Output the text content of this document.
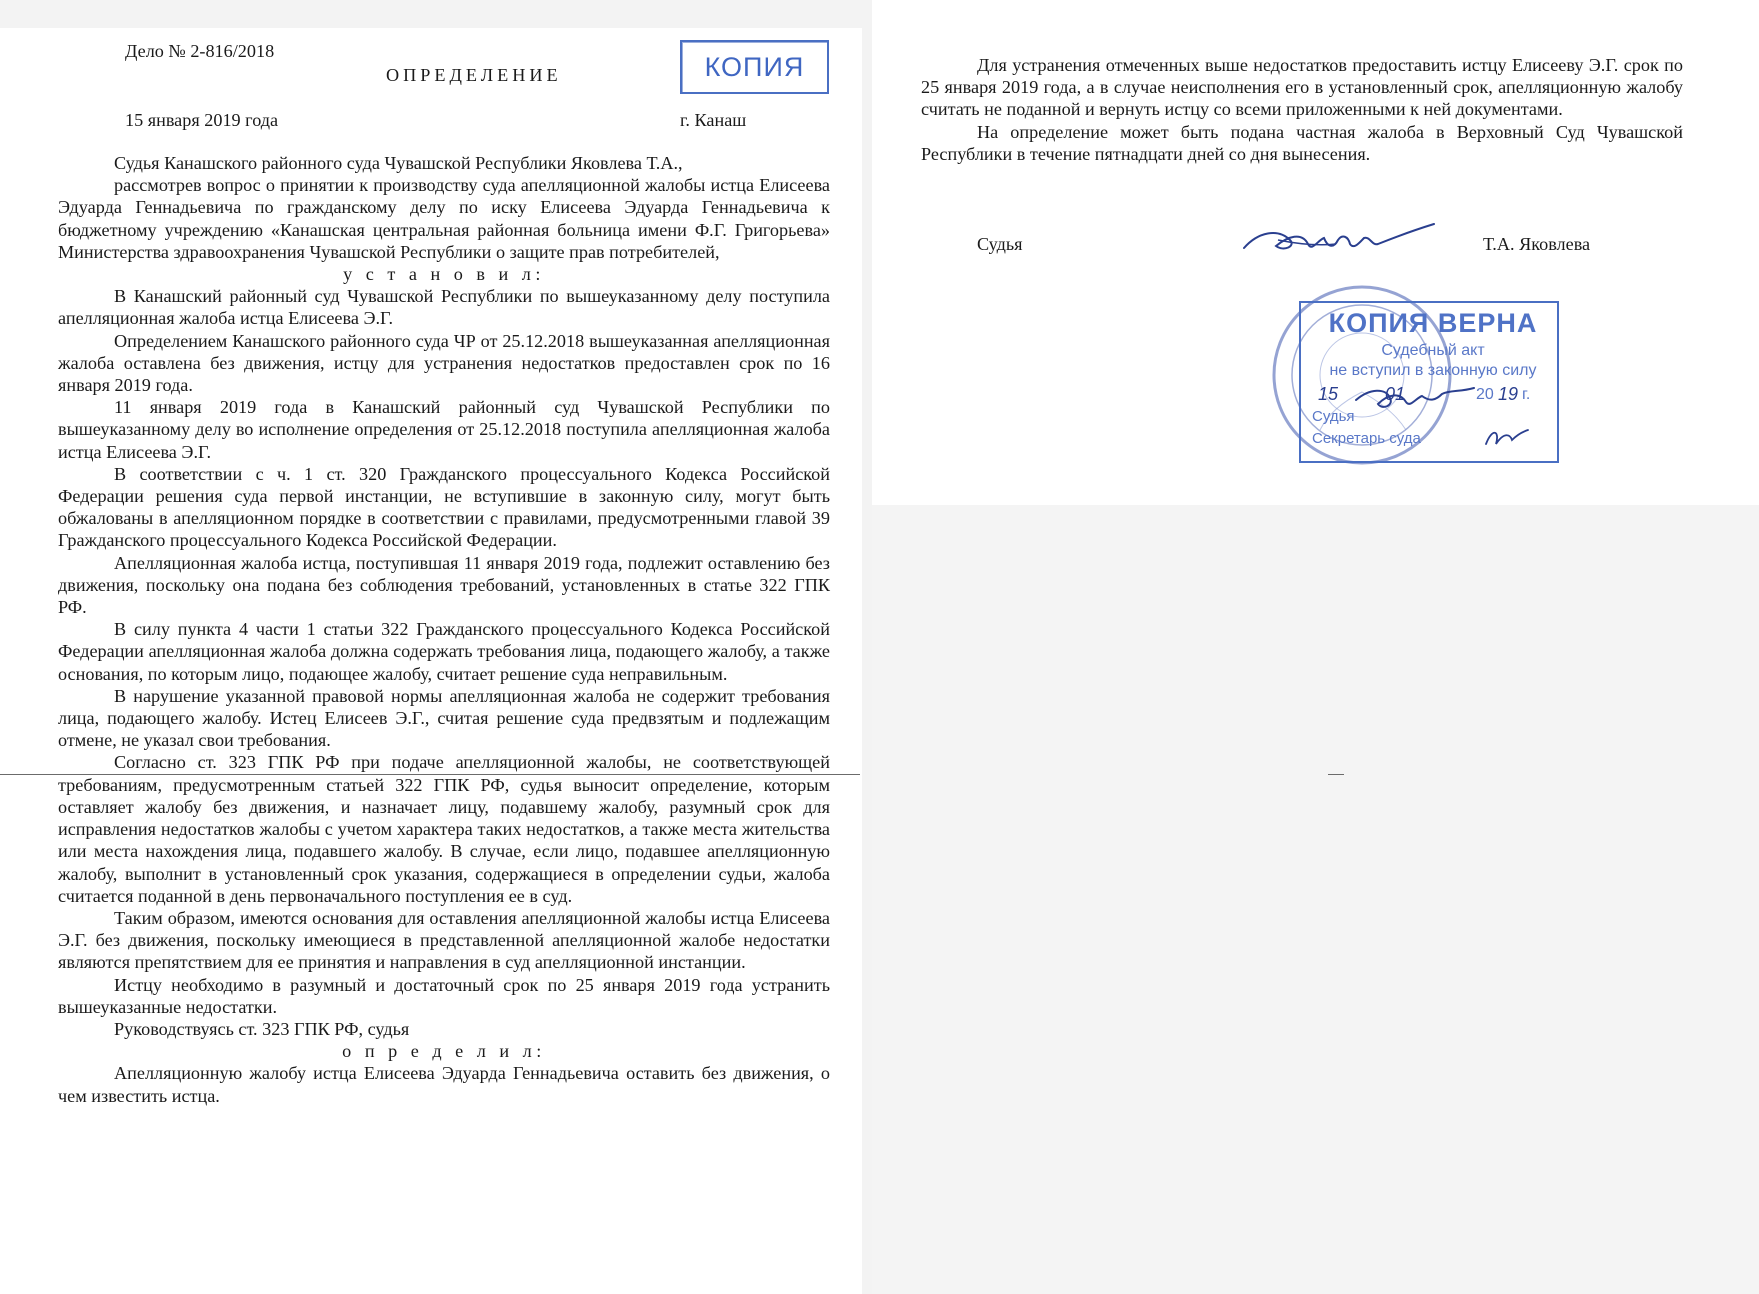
Дело № 2-816/2018
ОПРЕДЕЛЕНИЕ	КОПИЯ
15 января 2019 года	г. Канаш

Судья Канашского районного суда Чувашской Республики Яковлева Т.А.,

рассмотрев вопрос о принятии к производству суда апелляционной жалобы истца Елисеева Эдуарда Геннадьевича по гражданскому делу по иску Елисеева Эдуарда Геннадьевича к бюджетному учреждению «Канашская центральная районная больница имени Ф.Г. Григорьева» Министерства здравоохранения Чувашской Республики о защите прав потребителей,

у с т а н о в и л:

В Канашский районный суд Чувашской Республики по вышеуказанному делу поступила апелляционная жалоба истца Елисеева Э.Г.

Определением Канашского районного суда ЧР от 25.12.2018 вышеуказанная апелляционная жалоба оставлена без движения, истцу для устранения недостатков предоставлен срок по 16 января 2019 года.

11 января 2019 года в Канашский районный суд Чувашской Республики по вышеуказанному делу во исполнение определения от 25.12.2018 поступила апелляционная жалоба истца Елисеева Э.Г.

В соответствии с ч. 1 ст. 320 Гражданского процессуального Кодекса Российской Федерации решения суда первой инстанции, не вступившие в законную силу, могут быть обжалованы в апелляционном порядке в соответствии с правилами, предусмотренными главой 39 Гражданского процессуального Кодекса Российской Федерации.

Апелляционная жалоба истца, поступившая 11 января 2019 года, подлежит оставлению без движения, поскольку она подана без соблюдения требований, установленных в статье 322 ГПК РФ.

В силу пункта 4 части 1 статьи 322 Гражданского процессуального Кодекса Российской Федерации апелляционная жалоба должна содержать требования лица, подающего жалобу, а также основания, по которым лицо, подающее жалобу, считает решение суда неправильным.

В нарушение указанной правовой нормы апелляционная жалоба не содержит требования лица, подающего жалобу. Истец Елисеев Э.Г., считая решение суда предвзятым и подлежащим отмене, не указал свои требования.

Согласно ст. 323 ГПК РФ при подаче апелляционной жалобы, не соответствующей требованиям, предусмотренным статьей 322 ГПК РФ, судья выносит определение, которым оставляет жалобу без движения, и назначает лицу, подавшему жалобу, разумный срок для исправления недостатков жалобы с учетом характера таких недостатков, а также места жительства или места нахождения лица, подавшего жалобу. В случае, если лицо, подавшее апелляционную жалобу, выполнит в установленный срок указания, содержащиеся в определении судьи, жалоба считается поданной в день первоначального поступления ее в суд.

Таким образом, имеются основания для оставления апелляционной жалобы истца Елисеева Э.Г. без движения, поскольку имеющиеся в представленной апелляционной жалобе недостатки являются препятствием для ее принятия и направления в суд апелляционной инстанции.

Истцу необходимо в разумный и достаточный срок по 25 января 2019 года устранить вышеуказанные недостатки.

Руководствуясь ст. 323 ГПК РФ, судья

о п р е д е л и л:

Апелляционную жалобу истца Елисеева Эдуарда Геннадьевича оставить без движения, о чем известить истца.

Для устранения отмеченных выше недостатков предоставить истцу Елисееву Э.Г. срок по 25 января 2019 года, а в случае неисполнения его в установленный срок, апелляционную жалобу считать не поданной и вернуть истцу со всеми приложенными к ней документами.

На определение может быть подана частная жалоба в Верховный Суд Чувашской Республики в течение пятнадцати дней со дня вынесения.

Судья	Т.А. Яковлева
КОПИЯ ВЕРНА
Судебный акт
не вступил в законную силу
15	01	20 19 г.
Судья
Секретарь суда
